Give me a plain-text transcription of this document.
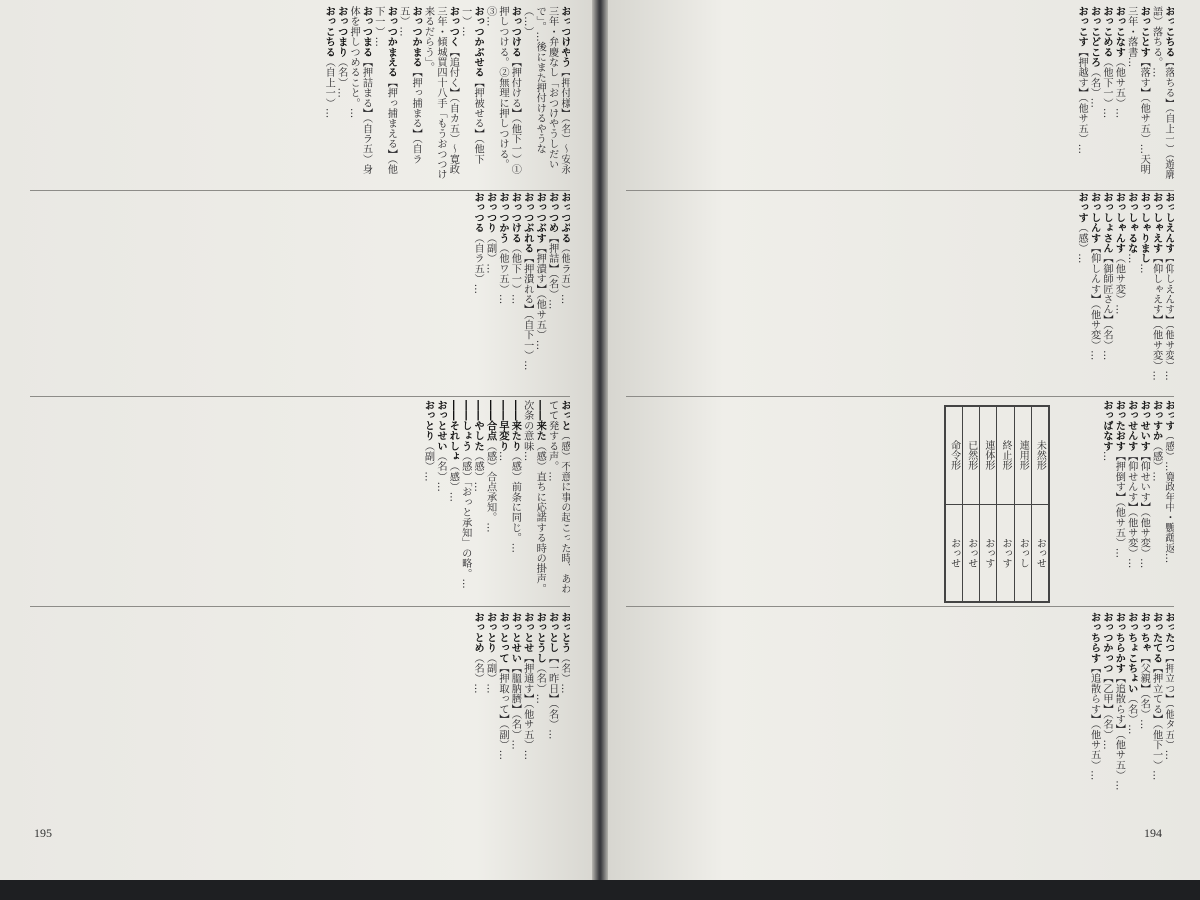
おっつけやう【押付様】（名）〜安永三年・弁慶なし「おつけやうしだいで」。…後にまた押付けるやうな（…）
おっつける【押付ける】（他下一）①押しつける。②無理に押しつける。③…
おっつかぶせる【押被せる】（他下一）…
おっつく【追付く】（自カ五）〜寛政三年・傾城買四十八手「もうおつつけ来るだらう」。
おっつかまる【押っ捕まる】（自ラ五）…
おっつかまえる【押っ捕まえる】（他下一）…
おっつまる【押詰まる】（自ラ五）身体を押しつめること。…
おっつまり（名）…
おっこちる（自上一）…

おっつぶる（他ラ五）…
おっつめ【押詰】（名）…
おっつぶす【押潰す】（他サ五）…
おっつぶれる【押潰れる】（自下一）…
おっつける（他下一）…
おっつかう（他ワ五）…
おっつり（副）…
おっつる（自ラ五）…

おっと（感）不意に事の起こった時、あわてて発する声。…
――来た（感）直ちに応諾する時の掛声。次条の意味…
――来たり（感）前条に同じ。…
――早変り…
――合点（感）合点承知。…
――やした（感）…
――しょう（感）「おっと承知」の略。…
――それしょ（感）…
おっとせい（名）…
おっとり（副）…

おっとう（名）…
おっとし【一昨日】（名）…
おっとうし（名）…
おっとせ【押通す】（他サ五）…
おっとせい【膃肭臍】（名）…
おっとって【押取って】（副）…
おっとり（副）…
おっとめ（名）…

195
おっこちる【落ちる】（自上一）（遊廓語）落ちる。…
おっことす【落す】（他サ五）…天明三年・落書…
おっこなす（他サ五）…
おっこめる（他下一）…
おっこどころ（名）…
おっこす【押越す】（他サ五）…

おっしえんす【仰しえんす】（他サ変）…
おっしゃえす【仰しゃえす】（他サ変）…
おっしゃりまし…
おっしゃるな…
おっしゃんす（他サ変）…
おっしょさん【御師匠さん】（名）…
おっしんす【仰しんす】（他サ変）…
おっす（感）…

おっす（感）…寛政年中・鸚鵡返…
おっすか（感）…
おっせいす【仰せいす】（他サ変）…
おっせんす【仰せんす】（他サ変）…
おったおす【押倒す】（他サ五）…
おっぱなす…

おったつ【押立つ】（他タ五）…
おったてる【押立てる】（他下一）…
おっちゃ【父親】（名）…
おっちょこちょい（名）…
おっちらかす【追散らす】（他サ五）…
おっつかっつ【乙甲】（名）…
おっちらす【追散らす】（他サ五）…

命令形	已然形	連体形	終止形	連用形	未然形
おっせ	おっせ	おっす	おっす	おっし	おっせ
194
